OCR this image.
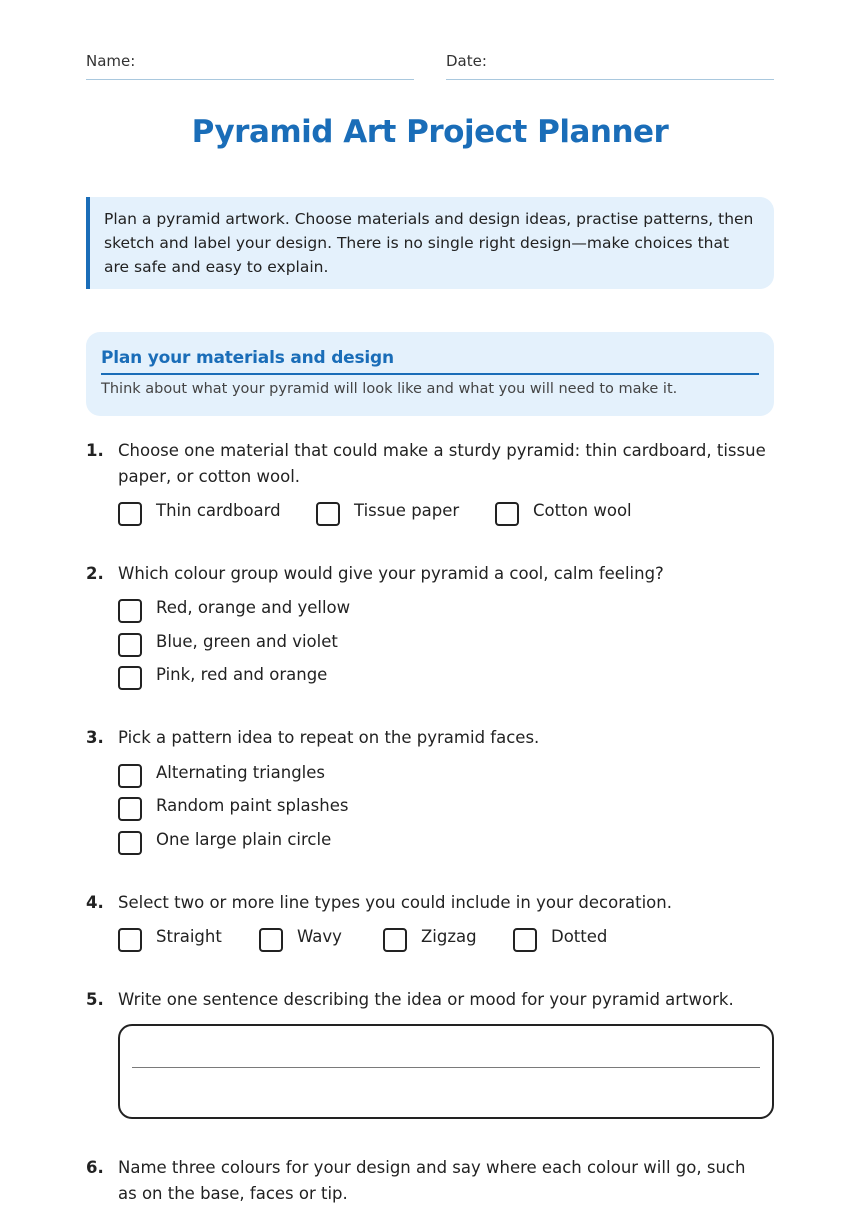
Name:	Date:
Pyramid Art Project Planner
Plan a pyramid artwork. Choose materials and design ideas, practise patterns, then sketch and label your design. There is no single right design—make choices that are safe and easy to explain.
Plan your materials and design
Think about what your pyramid will look like and what you will need to make it.
1. Choose one material that could make a sturdy pyramid: thin cardboard, tissue paper, or cotton wool.
Thin cardboard	Tissue paper	Cotton wool
2. Which colour group would give your pyramid a cool, calm feeling?
Red, orange and yellow
Blue, green and violet
Pink, red and orange
3. Pick a pattern idea to repeat on the pyramid faces.
Alternating triangles
Random paint splashes
One large plain circle
4. Select two or more line types you could include in your decoration.
Straight	Wavy	Zigzag	Dotted
5. Write one sentence describing the idea or mood for your pyramid artwork.
6. Name three colours for your design and say where each colour will go, such as on the base, faces or tip.
